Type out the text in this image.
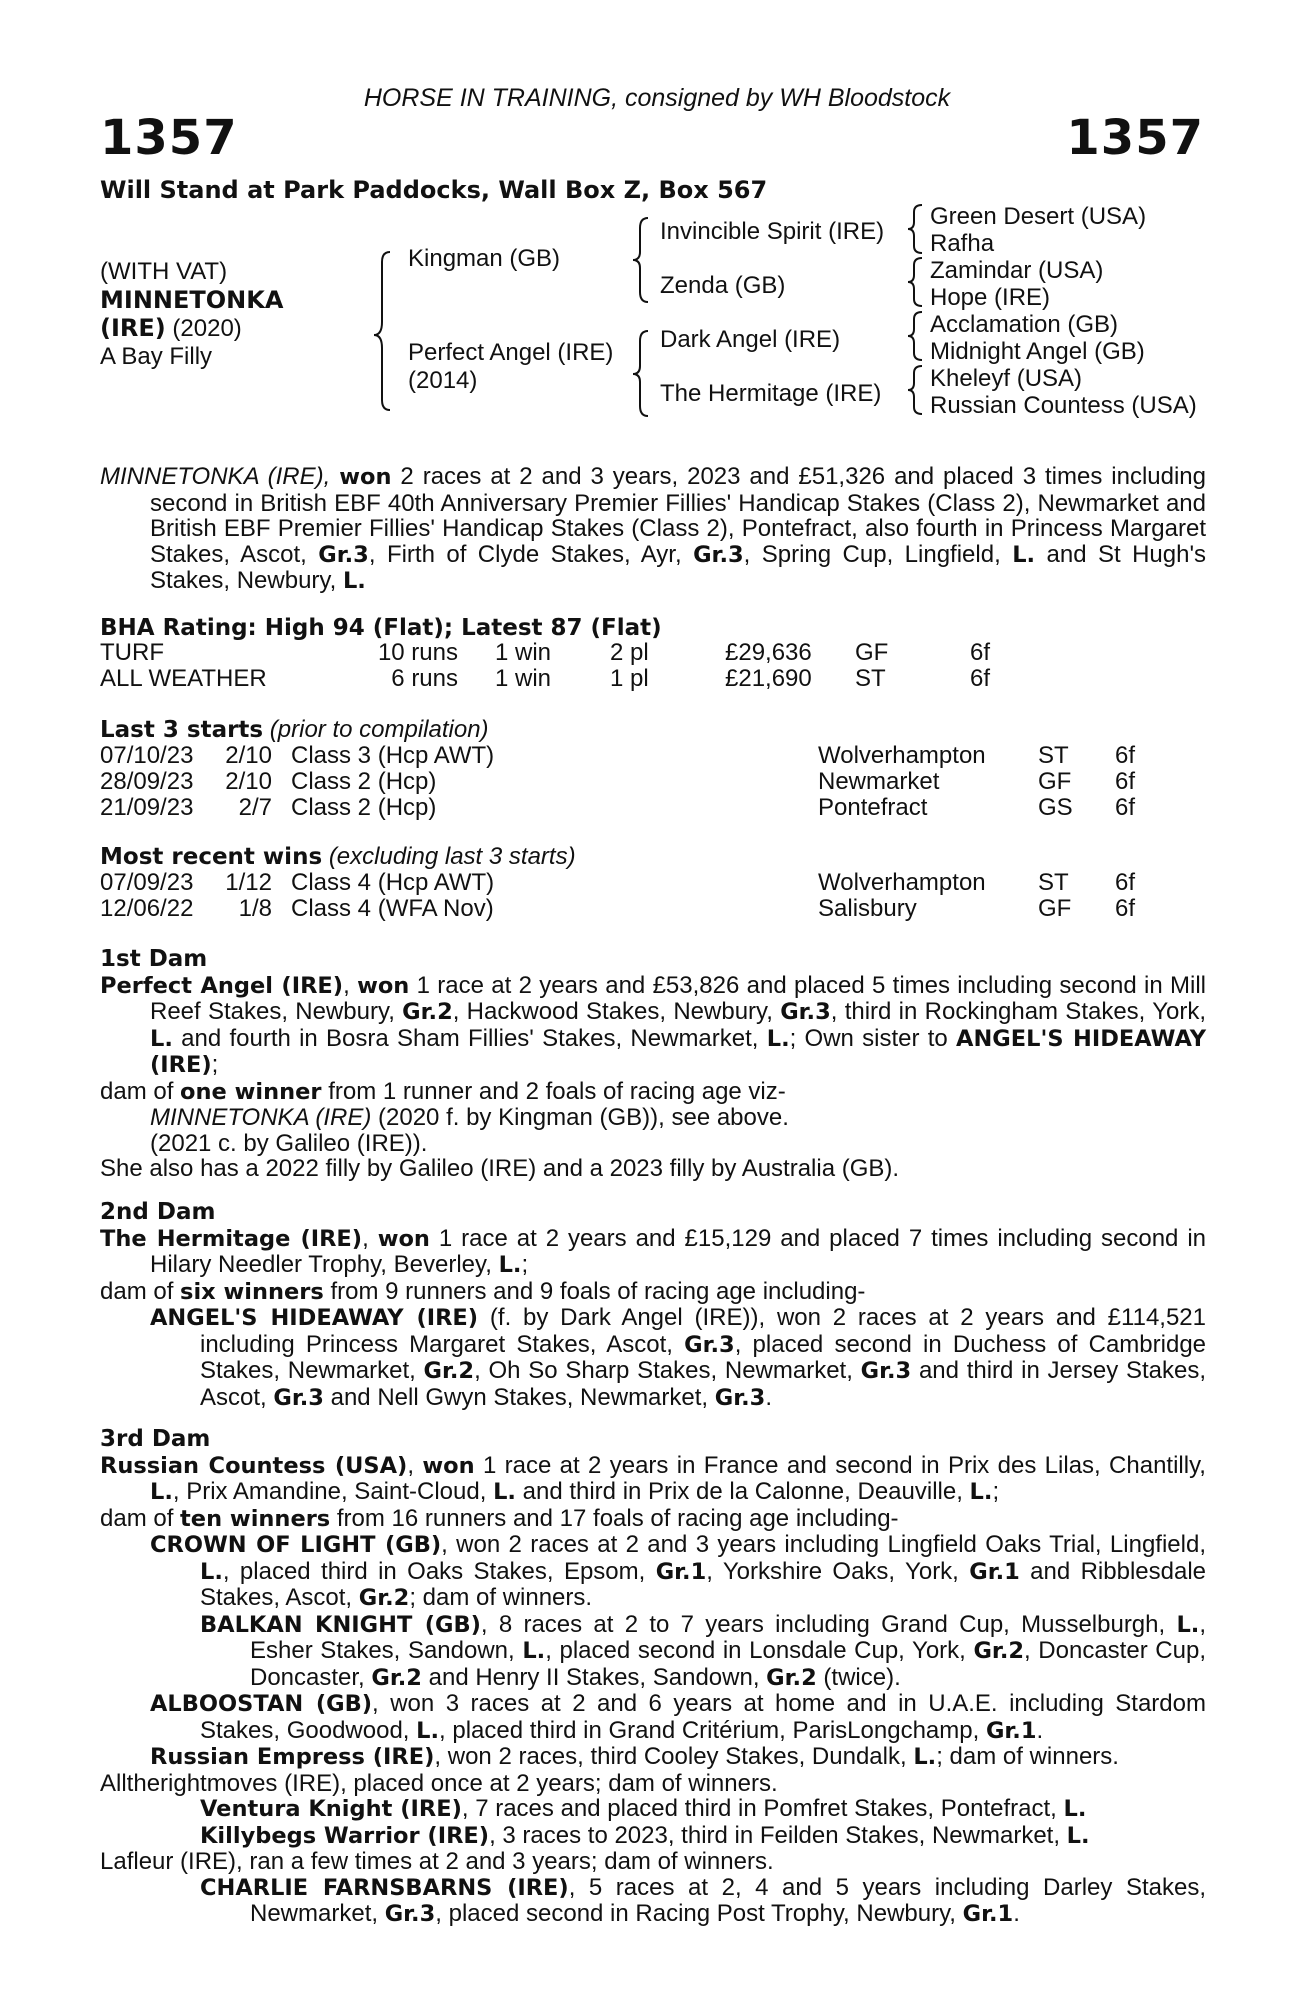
HORSE IN TRAINING, consigned by WH Bloodstock
1357	1357
Will Stand at Park Paddocks, Wall Box Z, Box 567
(WITH VAT)
MINNETONKA
(IRE) (2020)
A Bay Filly
Kingman (GB)
Perfect Angel (IRE)
(2014)
Invincible Spirit (IRE)
Zenda (GB)
Dark Angel (IRE)
The Hermitage (IRE)
Green Desert (USA)
Rafha
Zamindar (USA)
Hope (IRE)
Acclamation (GB)
Midnight Angel (GB)
Kheleyf (USA)
Russian Countess (USA)

MINNETONKA (IRE), won 2 races at 2 and 3 years, 2023 and £51,326 and placed 3 times including second in British EBF 40th Anniversary Premier Fillies' Handicap Stakes (Class 2), Newmarket and British EBF Premier Fillies' Handicap Stakes (Class 2), Pontefract, also fourth in Princess Margaret Stakes, Ascot, Gr.3, Firth of Clyde Stakes, Ayr, Gr.3, Spring Cup, Lingfield, L. and St Hugh's Stakes, Newbury, L.

BHA Rating: High 94 (Flat); Latest 87 (Flat)
TURF	10 runs 1 win 2 pl	£29,636 GF	6f
ALL WEATHER	6 runs 1 win 1 pl	£21,690 ST	6f
Last 3 starts (prior to compilation)
07/10/23	2/10 Class 3 (Hcp AWT)	Wolverhampton ST 6f
28/09/23	2/10 Class 2 (Hcp)	Newmarket	GF 6f
21/09/23	2/7 Class 2 (Hcp)	Pontefract	GS 6f
Most recent wins (excluding last 3 starts)
07/09/23	1/12 Class 4 (Hcp AWT)	Wolverhampton ST 6f
12/06/22	1/8 Class 4 (WFA Nov)	Salisbury	GF 6f

1st Dam

Perfect Angel (IRE), won 1 race at 2 years and £53,826 and placed 5 times including second in Mill Reef Stakes, Newbury, Gr.2, Hackwood Stakes, Newbury, Gr.3, third in Rockingham Stakes, York, L. and fourth in Bosra Sham Fillies' Stakes, Newmarket, L.; Own sister to ANGEL'S HIDEAWAY (IRE);

dam of one winner from 1 runner and 2 foals of racing age viz-

MINNETONKA (IRE) (2020 f. by Kingman (GB)), see above.

(2021 c. by Galileo (IRE)).

She also has a 2022 filly by Galileo (IRE) and a 2023 filly by Australia (GB).

2nd Dam

The Hermitage (IRE), won 1 race at 2 years and £15,129 and placed 7 times including second in Hilary Needler Trophy, Beverley, L.;

dam of six winners from 9 runners and 9 foals of racing age including-

ANGEL'S HIDEAWAY (IRE) (f. by Dark Angel (IRE)), won 2 races at 2 years and £114,521 including Princess Margaret Stakes, Ascot, Gr.3, placed second in Duchess of Cambridge Stakes, Newmarket, Gr.2, Oh So Sharp Stakes, Newmarket, Gr.3 and third in Jersey Stakes, Ascot, Gr.3 and Nell Gwyn Stakes, Newmarket, Gr.3.

3rd Dam

Russian Countess (USA), won 1 race at 2 years in France and second in Prix des Lilas, Chantilly, L., Prix Amandine, Saint-Cloud, L. and third in Prix de la Calonne, Deauville, L.;

dam of ten winners from 16 runners and 17 foals of racing age including-

CROWN OF LIGHT (GB), won 2 races at 2 and 3 years including Lingfield Oaks Trial, Lingfield, L., placed third in Oaks Stakes, Epsom, Gr.1, Yorkshire Oaks, York, Gr.1 and Ribblesdale Stakes, Ascot, Gr.2; dam of winners.

BALKAN KNIGHT (GB), 8 races at 2 to 7 years including Grand Cup, Musselburgh, L., Esher Stakes, Sandown, L., placed second in Lonsdale Cup, York, Gr.2, Doncaster Cup, Doncaster, Gr.2 and Henry II Stakes, Sandown, Gr.2 (twice).

ALBOOSTAN (GB), won 3 races at 2 and 6 years at home and in U.A.E. including Stardom Stakes, Goodwood, L., placed third in Grand Critérium, ParisLongchamp, Gr.1.

Russian Empress (IRE), won 2 races, third Cooley Stakes, Dundalk, L.; dam of winners.

Alltherightmoves (IRE), placed once at 2 years; dam of winners.

Ventura Knight (IRE), 7 races and placed third in Pomfret Stakes, Pontefract, L.

Killybegs Warrior (IRE), 3 races to 2023, third in Feilden Stakes, Newmarket, L.

Lafleur (IRE), ran a few times at 2 and 3 years; dam of winners.

CHARLIE FARNSBARNS (IRE), 5 races at 2, 4 and 5 years including Darley Stakes, Newmarket, Gr.3, placed second in Racing Post Trophy, Newbury, Gr.1.
